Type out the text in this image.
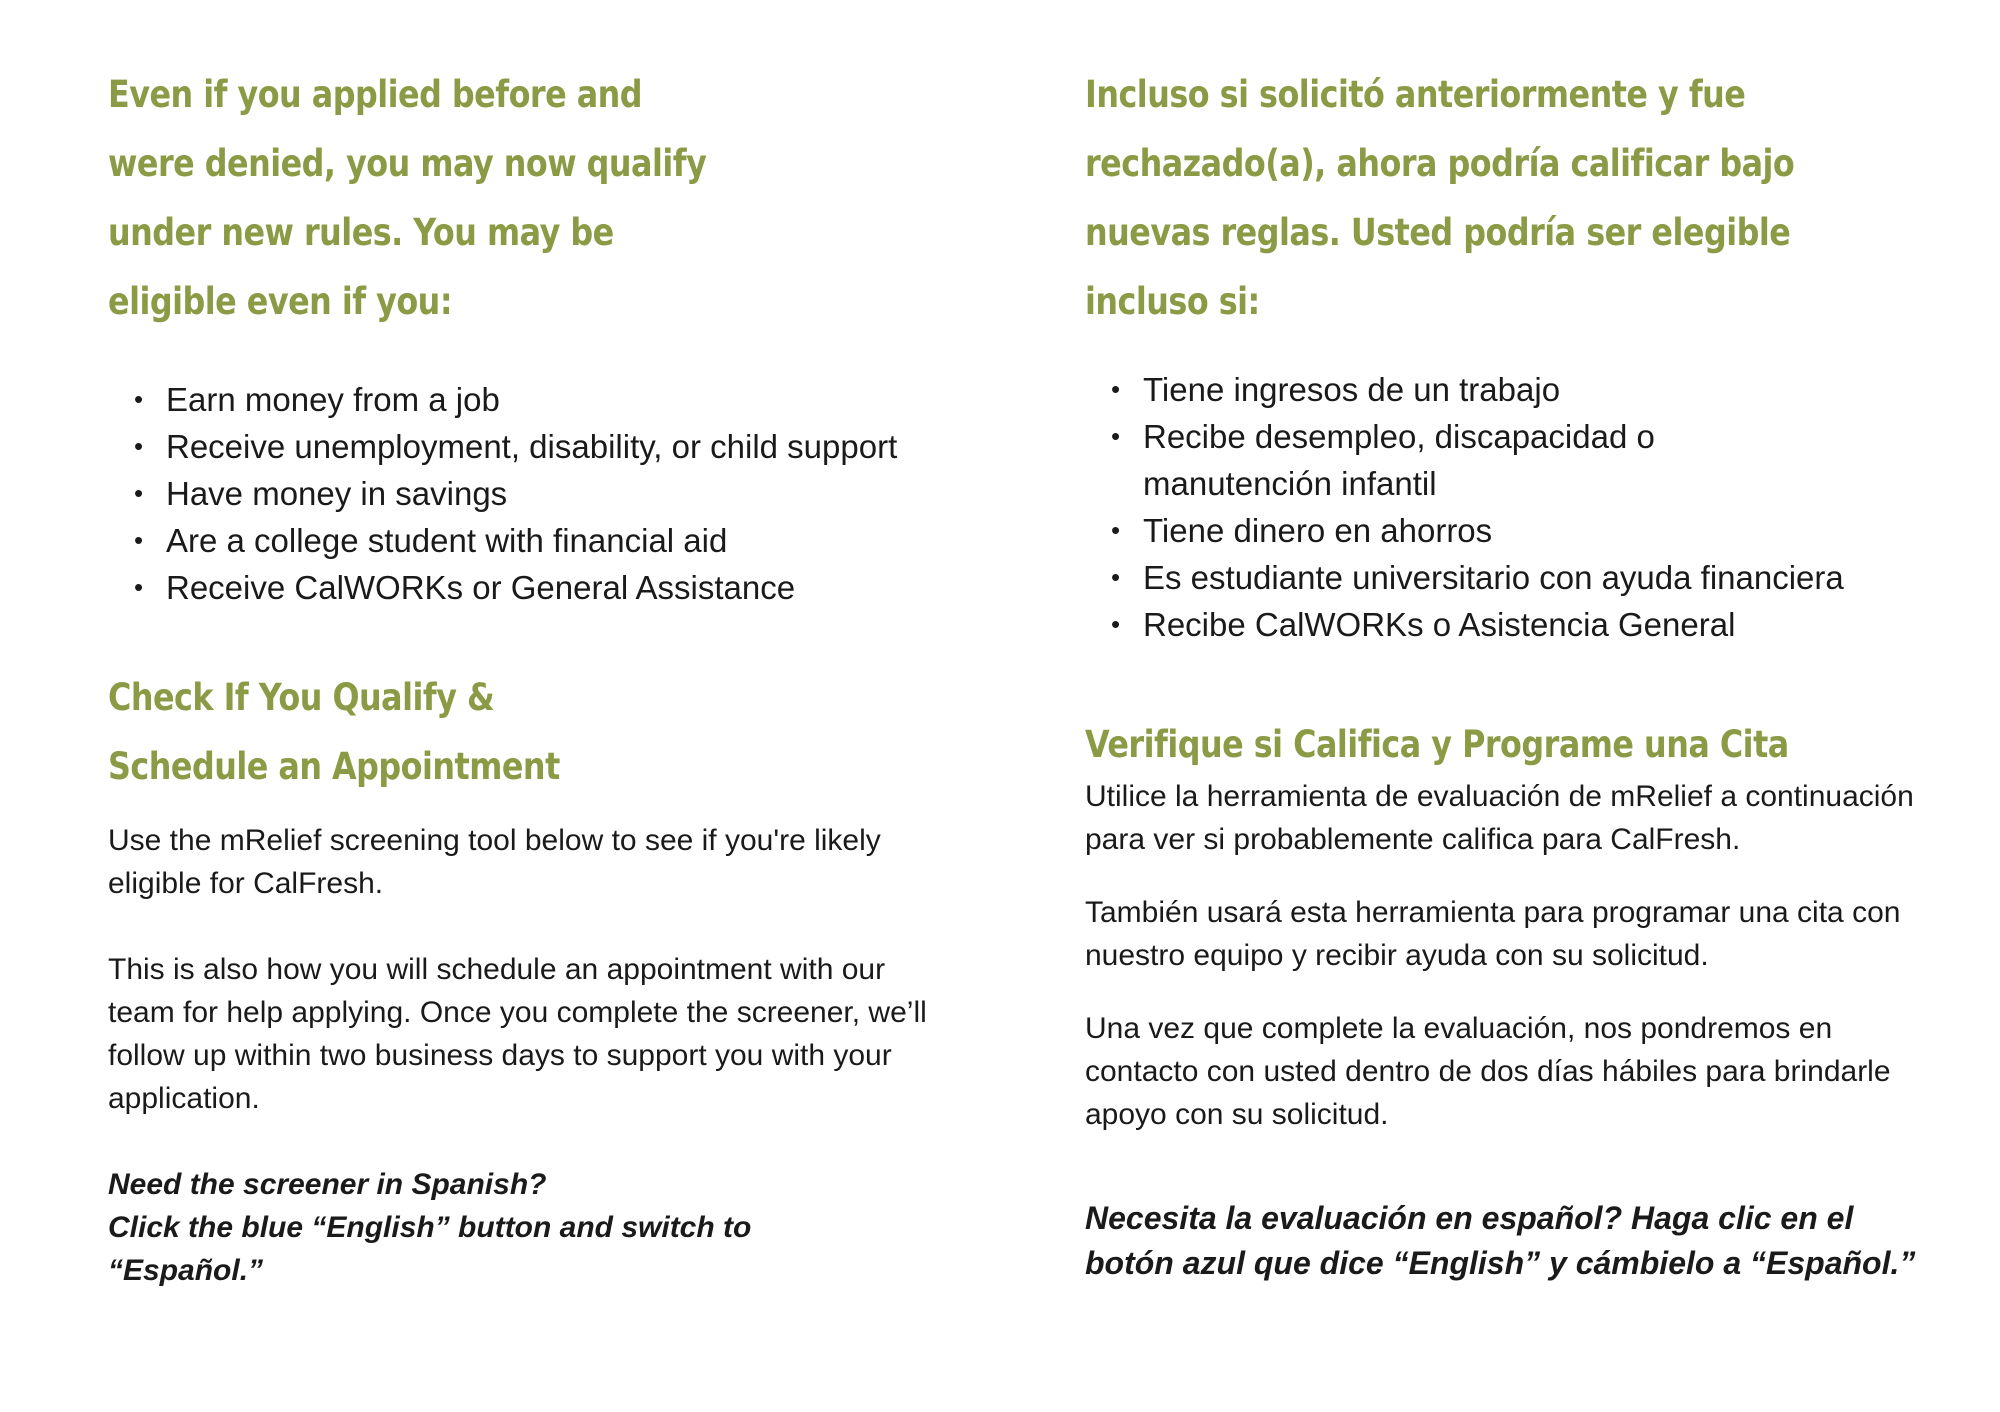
Even if you applied before and were denied, you may now qualify under new rules. You may be eligible even if you:
• Earn money from a job
• Receive unemployment, disability, or child support
• Have money in savings
• Are a college student with financial aid
• Receive CalWORKs or General Assistance
Check If You Qualify & Schedule an Appointment

Use the mRelief screening tool below to see if you're likely eligible for CalFresh.

This is also how you will schedule an appointment with our team for help applying. Once you complete the screener, we’ll follow up within two business days to support you with your application.

Need the screener in Spanish?
Click the blue “English” button and switch to “Español.”

Incluso si solicitó anteriormente y fue rechazado(a), ahora podría calificar bajo nuevas reglas. Usted podría ser elegible incluso si:
• Tiene ingresos de un trabajo
• Recibe desempleo, discapacidad o manutención infantil
• Tiene dinero en ahorros
• Es estudiante universitario con ayuda financiera
• Recibe CalWORKs o Asistencia General
Verifique si Califica y Programe una Cita

Utilice la herramienta de evaluación de mRelief a continuación para ver si probablemente califica para CalFresh.

También usará esta herramienta para programar una cita con nuestro equipo y recibir ayuda con su solicitud.

Una vez que complete la evaluación, nos pondremos en contacto con usted dentro de dos días hábiles para brindarle apoyo con su solicitud.

Necesita la evaluación en español? Haga clic en el botón azul que dice “English” y cámbielo a “Español.”
